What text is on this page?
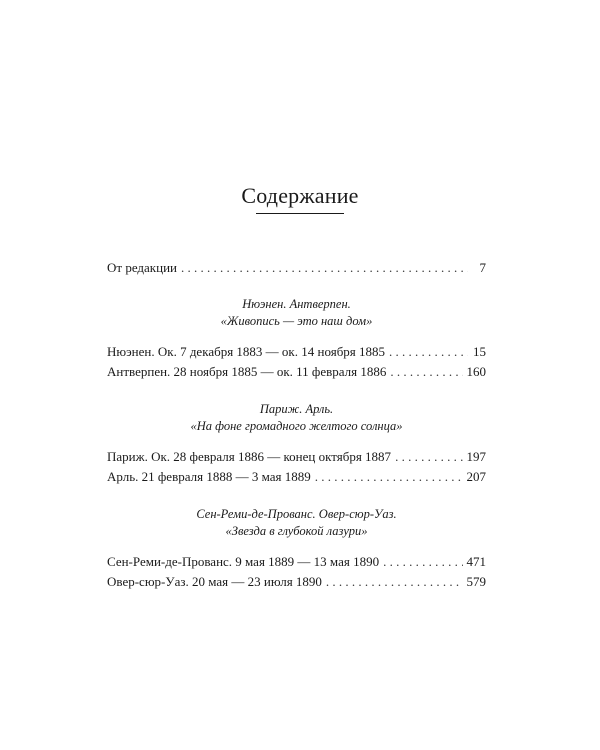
Содержание
От редакции . . .	7
Нюэнен. Антверпен.
«Живопись — это наш дом»
Нюэнен. Ок. 7 декабря 1883 — ок. 14 ноября 1885 . . .	15
Антверпен. 28 ноября 1885 — ок. 11 февраля 1886 . . .	160
Париж. Арль.
«На фоне громадного желтого солнца»
Париж. Ок. 28 февраля 1886 — конец октября 1887 . . .	197
Арль. 21 февраля 1888 — 3 мая 1889 . . .	207
Сен-Реми-де-Прованс. Овер-сюр-Уаз.
«Звезда в глубокой лазури»
Сен-Реми-де-Прованс. 9 мая 1889 — 13 мая 1890 . . .	471
Овер-сюр-Уаз. 20 мая — 23 июля 1890 . . .	579
